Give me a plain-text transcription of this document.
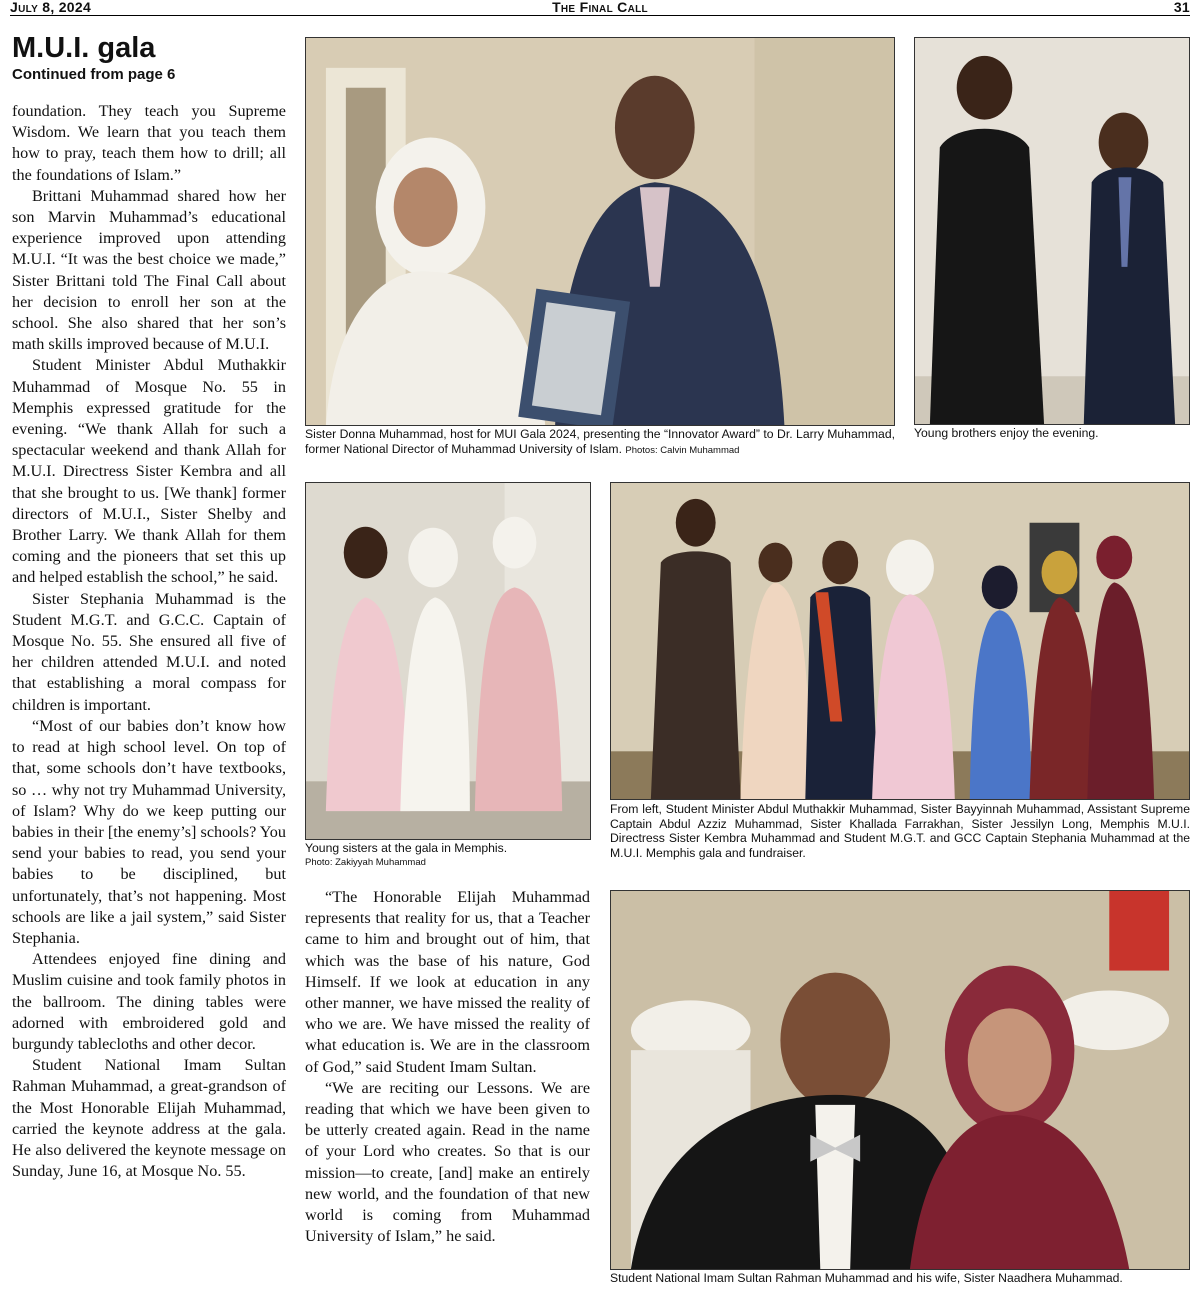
July 8, 2024	The Final Call	31
M.U.I. gala
Continued from page 6

foundation. They teach you Supreme Wisdom. We learn that you teach them how to pray, teach them how to drill; all the foundations of Islam.”

Brittani Muhammad shared how her son Marvin Muhammad’s educational experience improved upon attending M.U.I. “It was the best choice we made,” Sister Brittani told The Final Call about her decision to enroll her son at the school. She also shared that her son’s math skills improved because of M.U.I.

Student Minister Abdul Muthakkir Muhammad of Mosque No. 55 in Memphis expressed gratitude for the evening. “We thank Allah for such a spectacular weekend and thank Allah for M.U.I. Directress Sister Kembra and all that she brought to us. [We thank] former directors of M.U.I., Sister Shelby and Brother Larry. We thank Allah for them coming and the pioneers that set this up and helped establish the school,” he said.

Sister Stephania Muhammad is the Student M.G.T. and G.C.C. Captain of Mosque No. 55. She ensured all five of her children attended M.U.I. and noted that establishing a moral compass for children is important.

“Most of our babies don’t know how to read at high school level. On top of that, some schools don’t have textbooks, so … why not try Muhammad University, of Islam? Why do we keep putting our babies in their [the enemy’s] schools? You send your babies to read, you send your babies to be disciplined, but unfortunately, that’s not happening. Most schools are like a jail system,” said Sister Stephania.

Attendees enjoyed fine dining and Muslim cuisine and took family photos in the ballroom. The dining tables were adorned with embroidered gold and burgundy tablecloths and other decor.

Student National Imam Sultan Rahman Muhammad, a great-grandson of the Most Honorable Elijah Muhammad, carried the keynote address at the gala. He also delivered the keynote message on Sunday, June 16, at Mosque No. 55.

“The Honorable Elijah Muhammad represents that reality for us, that a Teacher came to him and brought out of him, that which was the base of his nature, God Himself. If we look at education in any other manner, we have missed the reality of who we are. We have missed the reality of what education is. We are in the classroom of God,” said Student Imam Sultan.

“We are reciting our Lessons. We are reading that which we have been given to be utterly created again. Read in the name of your Lord who creates. So that is our mission—to create, [and] make an entirely new world, and the foundation of that new world is coming from Muhammad University of Islam,” he said.

Sister Donna Muhammad, host for MUI Gala 2024, presenting the “Innovator Award” to Dr. Larry Muhammad, former National Director of Muhammad University of Islam. Photos: Calvin Muhammad
Young brothers enjoy the evening.
Young sisters at the gala in Memphis.
Photo: Zakiyyah Muhammad
From left, Student Minister Abdul Muthakkir Muhammad, Sister Bayyinnah Muhammad, Assistant Supreme Captain Abdul Azziz Muhammad, Sister Khallada Farrakhan, Sister Jessilyn Long, Memphis M.U.I. Directress Sister Kembra Muhammad and Student M.G.T. and GCC Captain Stephania Muhammad at the M.U.I. Memphis gala and fundraiser.
Student National Imam Sultan Rahman Muhammad and his wife, Sister Naadhera Muhammad.
